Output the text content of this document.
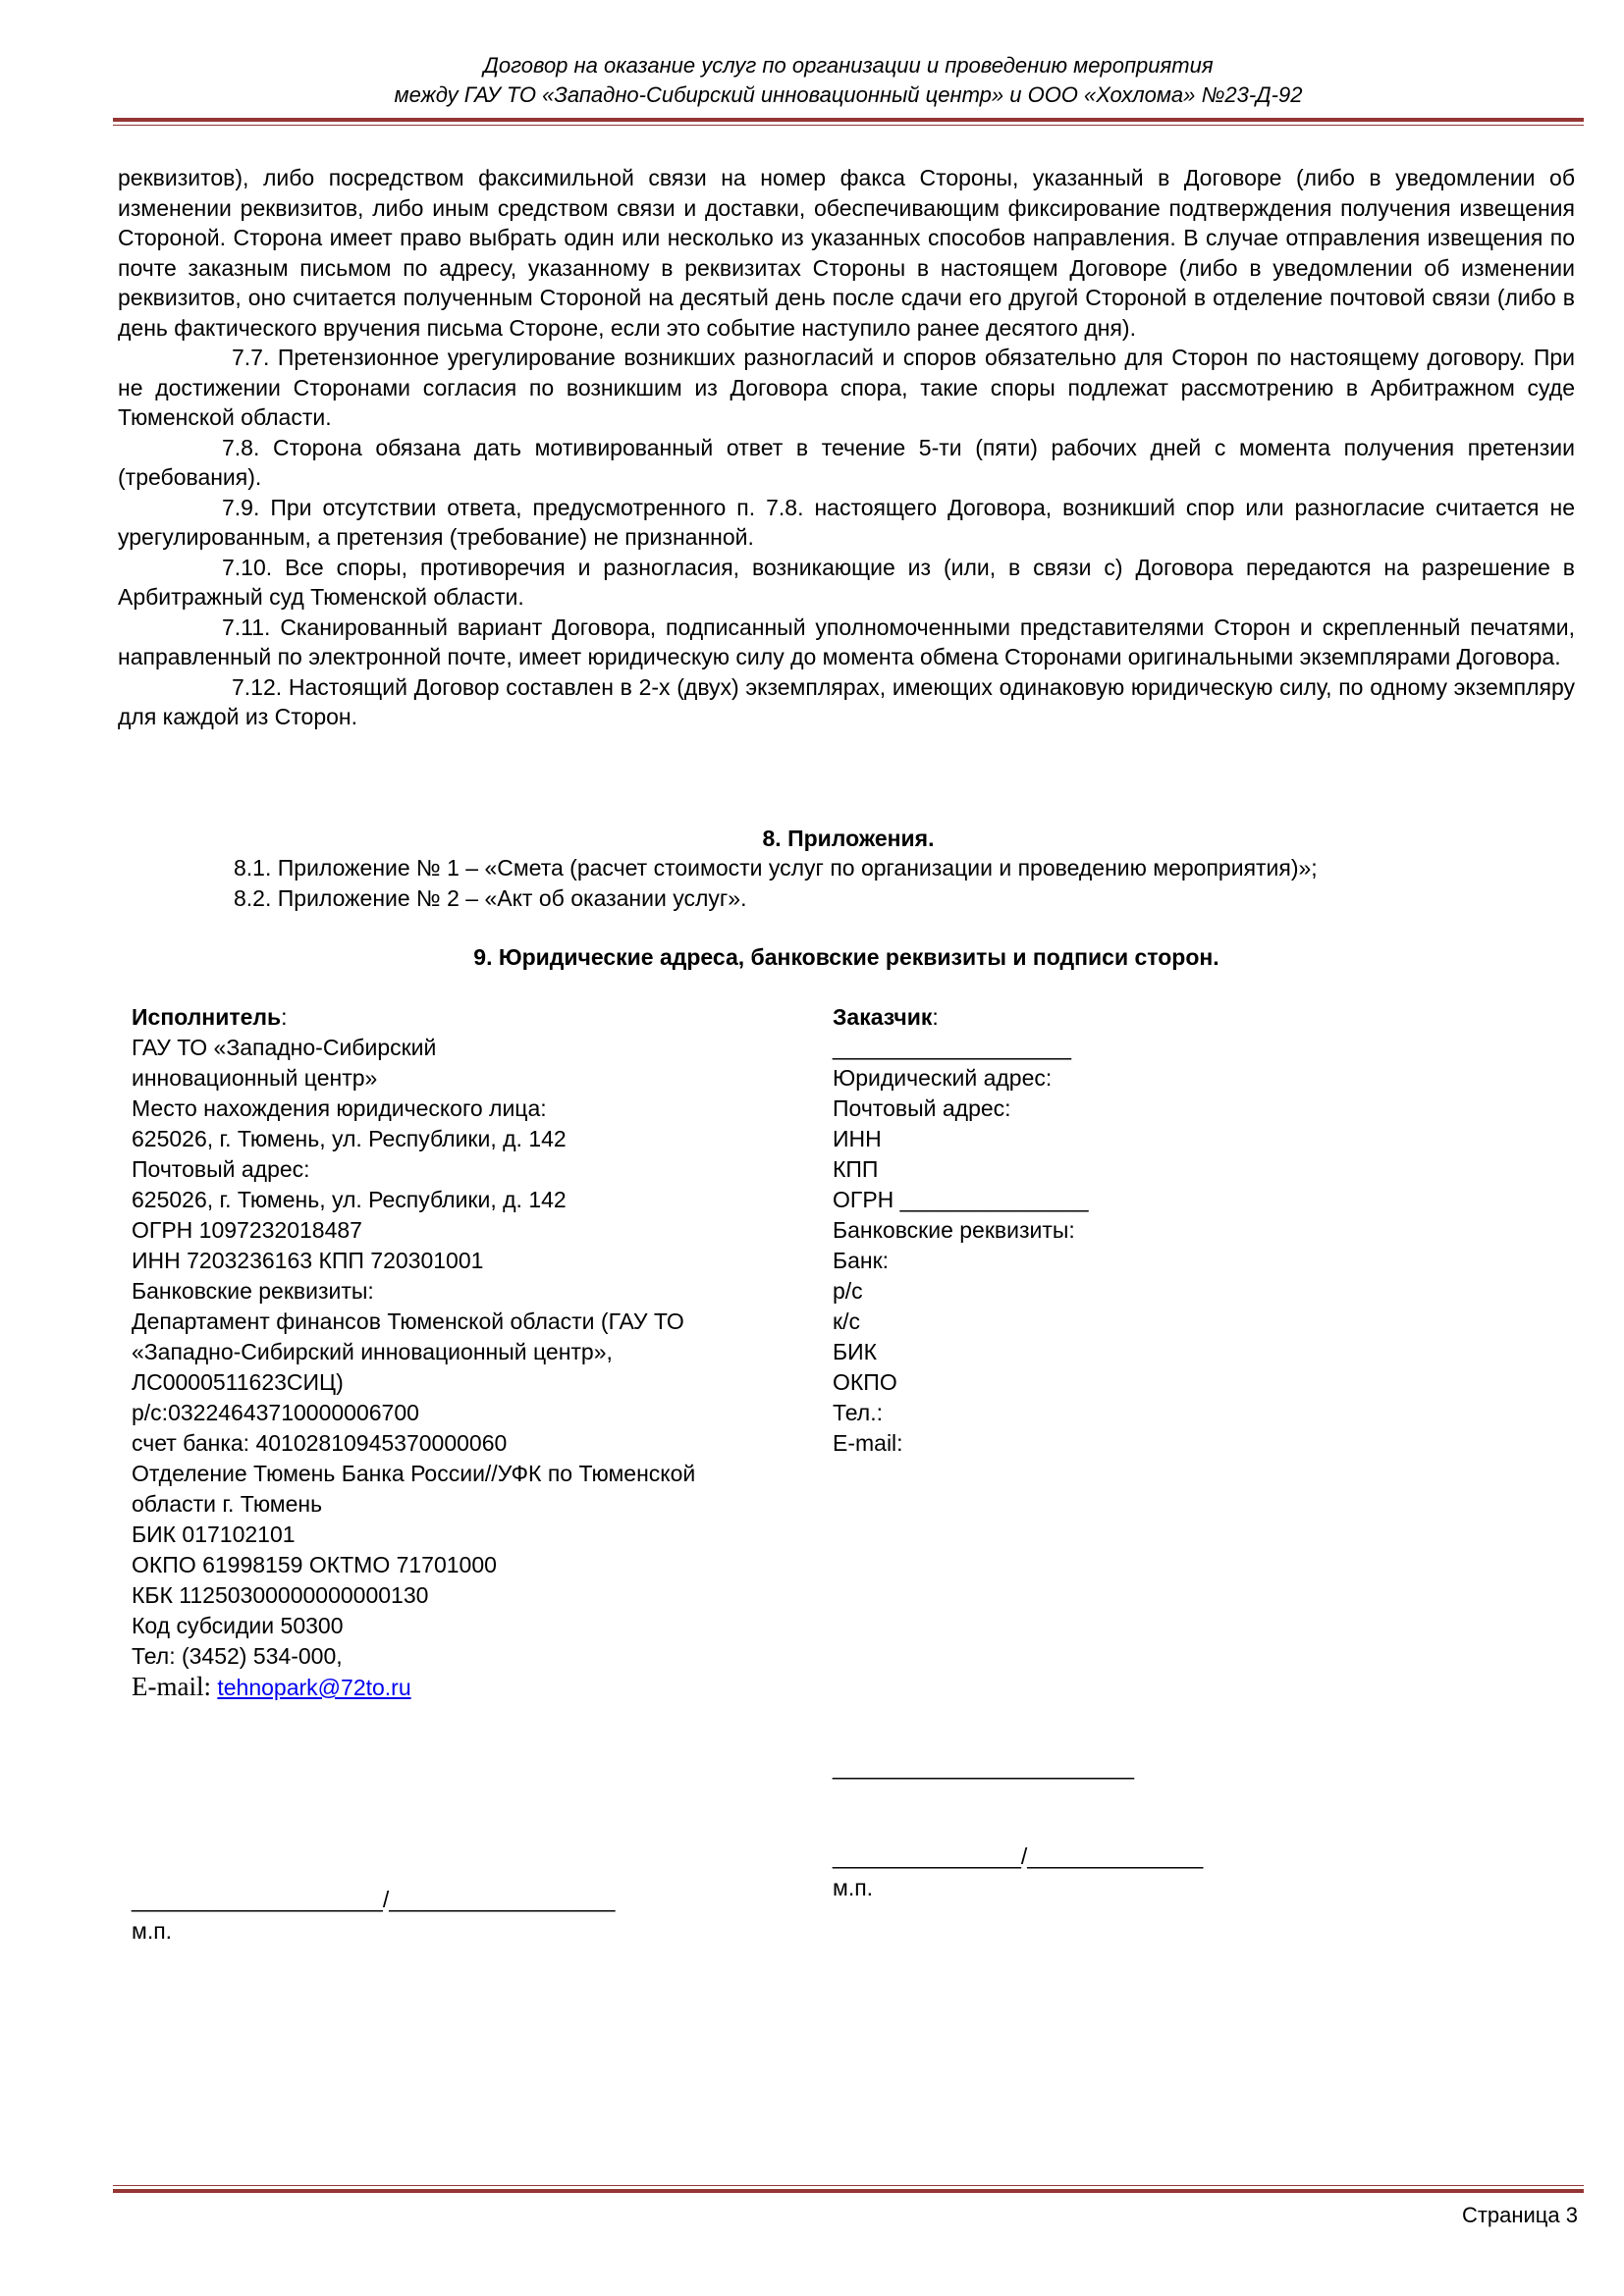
Договор на оказание услуг по организации и проведению мероприятия
между ГАУ ТО «Западно-Сибирский инновационный центр» и ООО «Хохлома» №23-Д-92

реквизитов), либо посредством факсимильной связи на номер факса Стороны, указанный в Договоре (либо в уведомлении об изменении реквизитов, либо иным средством связи и доставки, обеспечивающим фиксирование подтверждения получения извещения Стороной. Сторона имеет право выбрать один или несколько из указанных способов направления. В случае отправления извещения по почте заказным письмом по адресу, указанному в реквизитах Стороны в настоящем Договоре (либо в уведомлении об изменении реквизитов, оно считается полученным Стороной на десятый день после сдачи его другой Стороной в отделение почтовой связи (либо в день фактического вручения письма Стороне, если это событие наступило ранее десятого дня).

7.7. Претензионное урегулирование возникших разногласий и споров обязательно для Сторон по настоящему договору. При не достижении Сторонами согласия по возникшим из Договора спора, такие споры подлежат рассмотрению в Арбитражном суде Тюменской области.

7.8. Сторона обязана дать мотивированный ответ в течение 5-ти (пяти) рабочих дней с момента получения претензии (требования).

7.9. При отсутствии ответа, предусмотренного п. 7.8. настоящего Договора, возникший спор или разногласие считается не урегулированным, а претензия (требование) не признанной.

7.10. Все споры, противоречия и разногласия, возникающие из (или, в связи с) Договора передаются на разрешение в Арбитражный суд Тюменской области.

7.11. Сканированный вариант Договора, подписанный уполномоченными представителями Сторон и скрепленный печатями, направленный по электронной почте, имеет юридическую силу до момента обмена Сторонами оригинальными экземплярами Договора.

7.12. Настоящий Договор составлен в 2-х (двух) экземплярах, имеющих одинаковую юридическую силу, по одному экземпляру для каждой из Сторон.

8. Приложения.
8.1. Приложение № 1 – «Смета (расчет стоимости услуг по организации и проведению мероприятия)»;
8.2. Приложение № 2 – «Акт об оказании услуг».
9. Юридические адреса, банковские реквизиты и подписи сторон.
Исполнитель:
ГАУ ТО «Западно-Сибирский
инновационный центр»
Место нахождения юридического лица:
625026, г. Тюмень, ул. Республики, д. 142
Почтовый адрес:
625026, г. Тюмень, ул. Республики, д. 142
ОГРН 1097232018487
ИНН 7203236163 КПП 720301001
Банковские реквизиты:
Департамент финансов Тюменской области (ГАУ ТО
«Западно-Сибирский инновационный центр»,
ЛС0000511623СИЦ)
р/с:03224643710000006700
счет банка: 40102810945370000060
Отделение Тюмень Банка России//УФК по Тюменской
области г. Тюмень
БИК 017102101
ОКПО 61998159 ОКТМО 71701000
КБК 11250300000000000130
Код субсидии 50300
Тел: (3452) 534-000,
E-mail: tehnopark@72to.ru
Заказчик:
___________________
Юридический адрес:
Почтовый адрес:
ИНН
КПП
ОГРН _______________
Банковские реквизиты:
Банк:
р/с
к/с
БИК
ОКПО
Тел.:
E-mail:
________________________
_______________/______________
м.п.
____________________/__________________
м.п.
Страница 3
